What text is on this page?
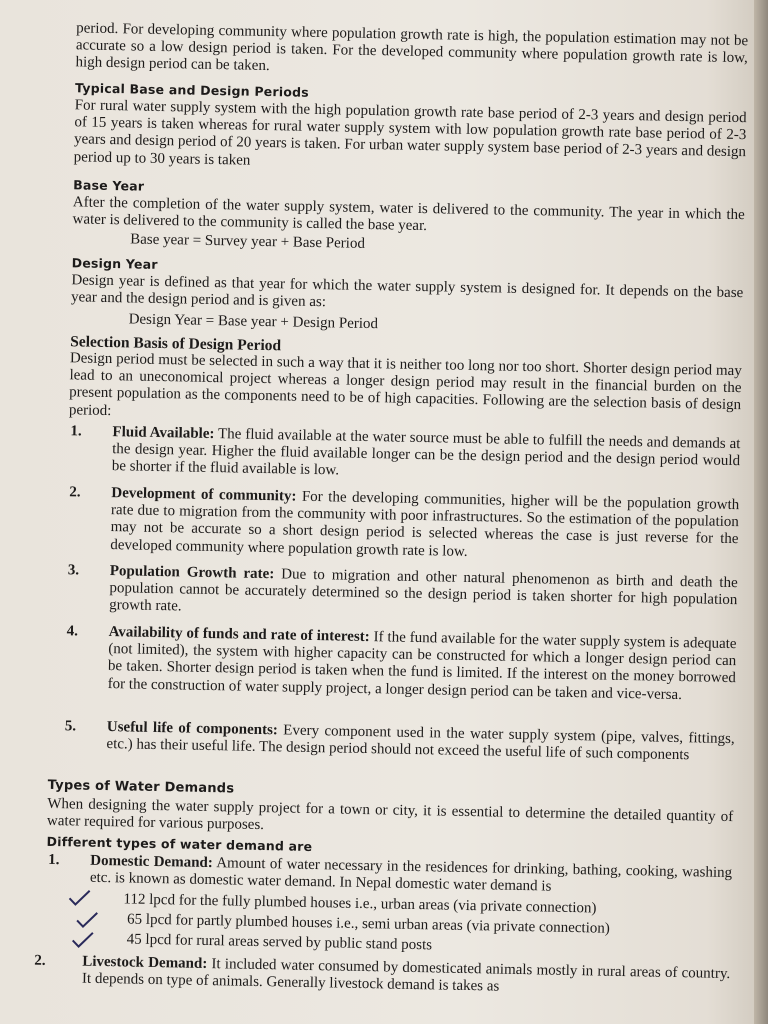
period. For developing community where population growth rate is high, the population estimation may not be accurate so a low design period is taken. For the developed community where population growth rate is low, high design period can be taken.

Typical Base and Design Periods

For rural water supply system with the high population growth rate base period of 2-3 years and design period of 15 years is taken whereas for rural water supply system with low population growth rate base period of 2-3 years and design period of 20 years is taken. For urban water supply system base period of 2-3 years and design period up to 30 years is taken

Base Year

After the completion of the water supply system, water is delivered to the community. The year in which the water is delivered to the community is called the base year.

Base year = Survey year + Base Period

Design Year

Design year is defined as that year for which the water supply system is designed for. It depends on the base year and the design period and is given as:

Design Year = Base year + Design Period

Selection Basis of Design Period

Design period must be selected in such a way that it is neither too long nor too short. Shorter design period may lead to an uneconomical project whereas a longer design period may result in the financial burden on the present population as the components need to be of high capacities. Following are the selection basis of design period:

1. Fluid Available: The fluid available at the water source must be able to fulfill the needs and demands at the design year. Higher the fluid available longer can be the design period and the design period would be shorter if the fluid available is low.

2. Development of community: For the developing communities, higher will be the population growth rate due to migration from the community with poor infrastructures. So the estimation of the population may not be accurate so a short design period is selected whereas the case is just reverse for the developed community where population growth rate is low.

3. Population Growth rate: Due to migration and other natural phenomenon as birth and death the population cannot be accurately determined so the design period is taken shorter for high population growth rate.

4. Availability of funds and rate of interest: If the fund available for the water supply system is adequate (not limited), the system with higher capacity can be constructed for which a longer design period can be taken. Shorter design period is taken when the fund is limited. If the interest on the money borrowed for the construction of water supply project, a longer design period can be taken and vice-versa.

5. Useful life of components: Every component used in the water supply system (pipe, valves, fittings, etc.) has their useful life. The design period should not exceed the useful life of such components

Types of Water Demands

When designing the water supply project for a town or city, it is essential to determine the detailed quantity of water required for various purposes.

Different types of water demand are

1. Domestic Demand: Amount of water necessary in the residences for drinking, bathing, cooking, washing etc. is known as domestic water demand. In Nepal domestic water demand is

112 lpcd for the fully plumbed houses i.e., urban areas (via private connection)

65 lpcd for partly plumbed houses i.e., semi urban areas (via private connection)

45 lpcd for rural areas served by public stand posts

2. Livestock Demand: It included water consumed by domesticated animals mostly in rural areas of country. It depends on type of animals. Generally livestock demand is takes as
